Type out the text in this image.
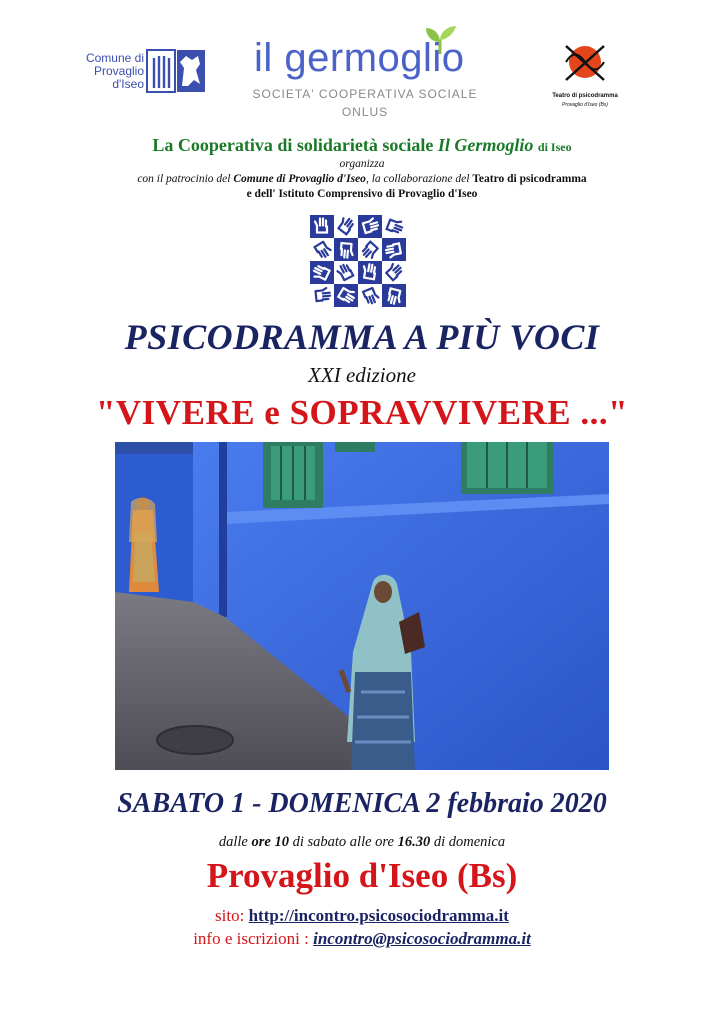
Comune di
Provaglio
d'Iseo
il germoglio
SOCIETA' COOPERATIVA SOCIALE
ONLUS
Teatro di psicodramma
Provaglio d'Iseo (Bs)
La Cooperativa di solidarietà sociale Il Germoglio di Iseo
organizza
con il patrocinio del Comune di Provaglio d'Iseo, la collaborazione del Teatro di psicodramma
e dell' Istituto Comprensivo di Provaglio d'Iseo
PSICODRAMMA A PIÙ VOCI
XXI edizione
"VIVERE e SOPRAVVIVERE ..."
SABATO 1 - DOMENICA 2 febbraio 2020
dalle ore 10 di sabato alle ore 16.30 di domenica
Provaglio d'Iseo (Bs)
sito: http://incontro.psicosociodramma.it
info e iscrizioni : incontro@psicosociodramma.it
